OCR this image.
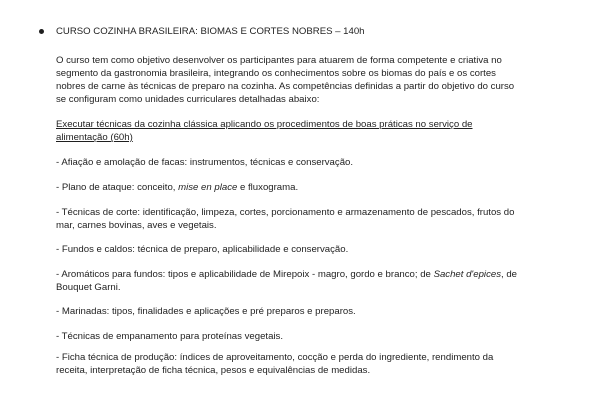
CURSO COZINHA BRASILEIRA: BIOMAS E CORTES NOBRES – 140h

O curso tem como objetivo desenvolver os participantes para atuarem de forma competente e criativa no

segmento da gastronomia brasileira, integrando os conhecimentos sobre os biomas do país e os cortes

nobres de carne às técnicas de preparo na cozinha. As competências definidas a partir do objetivo do curso

se configuram como unidades curriculares detalhadas abaixo:

Executar técnicas da cozinha clássica aplicando os procedimentos de boas práticas no serviço de
alimentação (60h)

- Afiação e amolação de facas: instrumentos, técnicas e conservação.

- Plano de ataque: conceito, mise en place e fluxograma.

- Técnicas de corte: identificação, limpeza, cortes, porcionamento e armazenamento de pescados, frutos do

mar, carnes bovinas, aves e vegetais.

- Fundos e caldos: técnica de preparo, aplicabilidade e conservação.

- Aromáticos para fundos: tipos e aplicabilidade de Mirepoix - magro, gordo e branco; de Sachet d'epices, de

Bouquet Garni.

- Marinadas: tipos, finalidades e aplicações e pré preparos e preparos.

- Técnicas de empanamento para proteínas vegetais.

- Ficha técnica de produção: índices de aproveitamento, cocção e perda do ingrediente, rendimento da

receita, interpretação de ficha técnica, pesos e equivalências de medidas.
